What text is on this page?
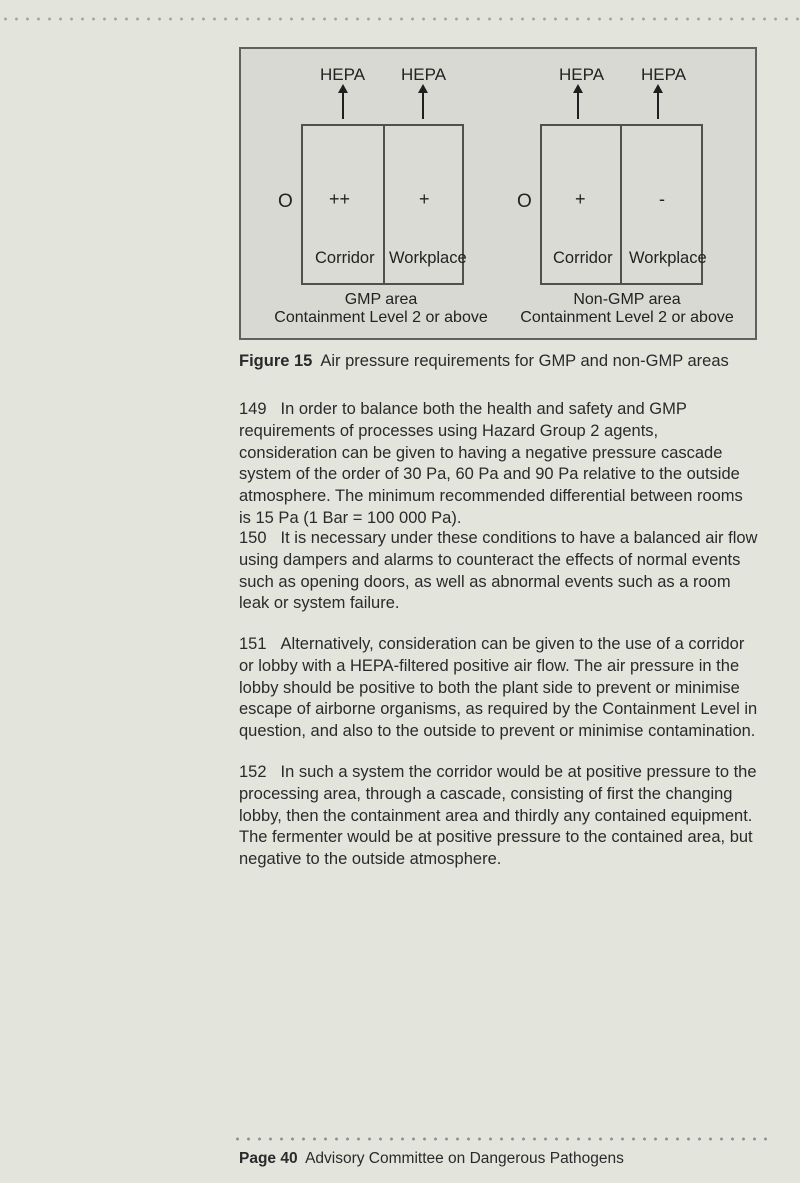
HEPA HEPA	HEPA HEPA
O ++	+	O +	-
Corridor Workplace	Corridor Workplace
GMP area
Containment Level 2 or above
Non-GMP area
Containment Level 2 or above
Figure 15 Air pressure requirements for GMP and non-GMP areas

149 In order to balance both the health and safety and GMP requirements of processes using Hazard Group 2 agents, consideration can be given to having a negative pressure cascade system of the order of 30 Pa, 60 Pa and 90 Pa relative to the outside atmosphere. The minimum recommended differential between rooms is 15 Pa (1 Bar = 100 000 Pa).

150 It is necessary under these conditions to have a balanced air flow using dampers and alarms to counteract the effects of normal events such as opening doors, as well as abnormal events such as a room leak or system failure.

151 Alternatively, consideration can be given to the use of a corridor or lobby with a HEPA-filtered positive air flow. The air pressure in the lobby should be positive to both the plant side to prevent or minimise escape of airborne organisms, as required by the Containment Level in question, and also to the outside to prevent or minimise contamination.

152 In such a system the corridor would be at positive pressure to the processing area, through a cascade, consisting of first the changing lobby, then the containment area and thirdly any contained equipment. The fermenter would be at positive pressure to the contained area, but negative to the outside atmosphere.

Page 40 Advisory Committee on Dangerous Pathogens
